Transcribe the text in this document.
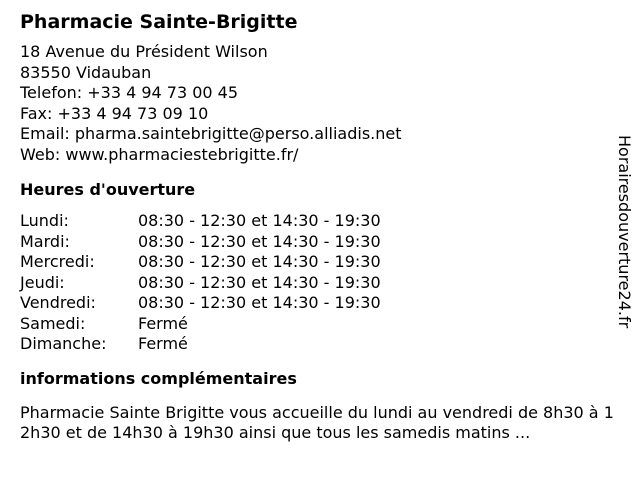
Pharmacie Sainte-Brigitte
18 Avenue du Président Wilson
83550 Vidauban
Telefon: +33 4 94 73 00 45
Fax: +33 4 94 73 09 10
Email: pharma.saintebrigitte@perso.alliadis.net
Web: www.pharmaciestebrigitte.fr/
Heures d'ouverture
Lundi:	08:30 - 12:30 et 14:30 - 19:30
Mardi:	08:30 - 12:30 et 14:30 - 19:30
Mercredi:	08:30 - 12:30 et 14:30 - 19:30
Jeudi:	08:30 - 12:30 et 14:30 - 19:30
Vendredi:	08:30 - 12:30 et 14:30 - 19:30
Samedi:	Fermé
Dimanche:	Fermé
informations complémentaires
Pharmacie Sainte Brigitte vous accueille du lundi au vendredi de 8h30 à 12h30 et de 14h30 à 19h30 ainsi que tous les samedis matins ...
Horairesdouverture24.fr
